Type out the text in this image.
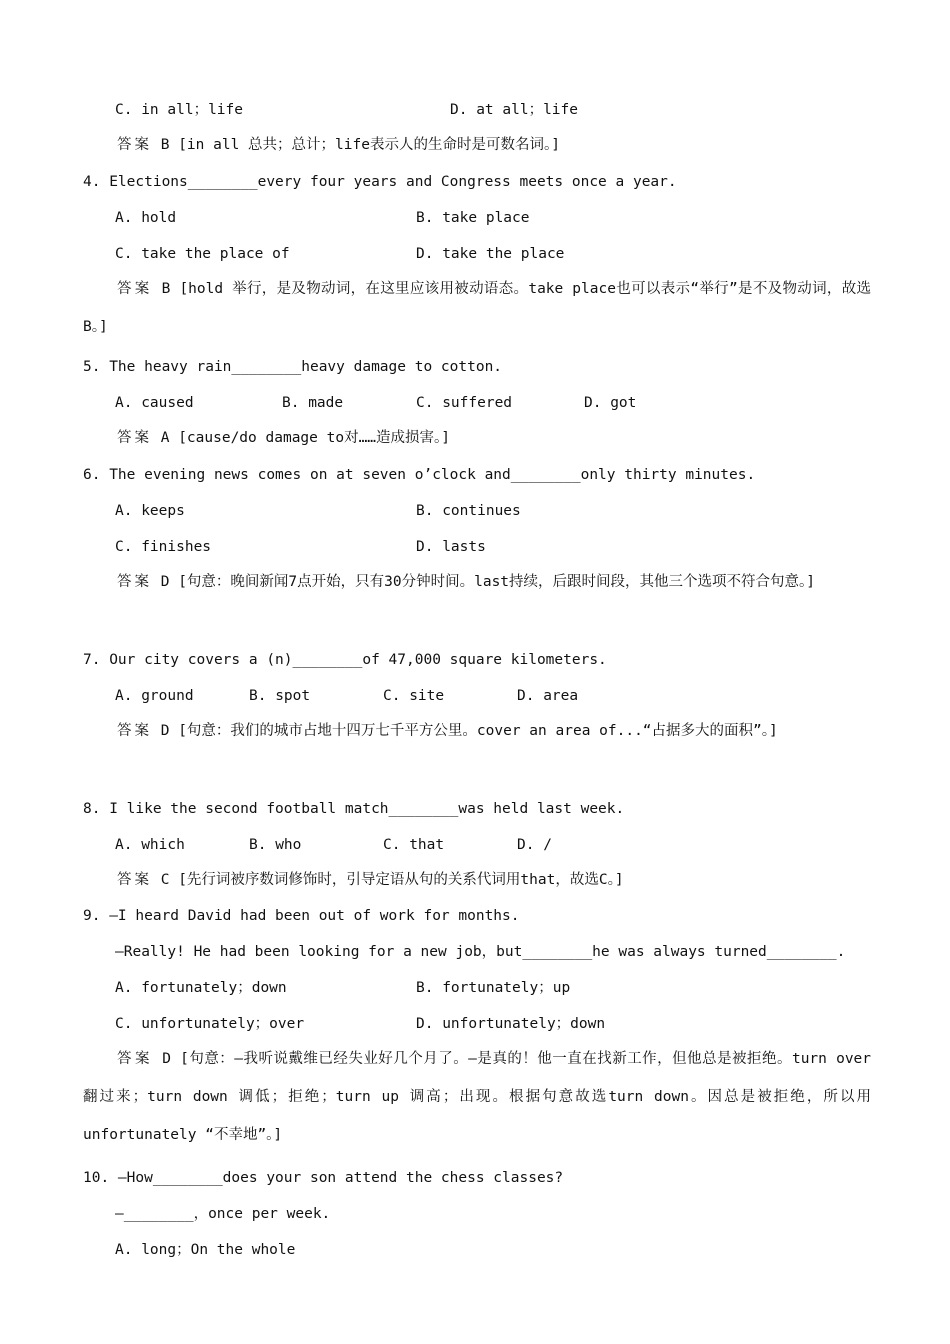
C. in all；life	D. at all；life
答案 B [in all 总共；总计；life表示人的生命时是可数名词。]
4. Elections________every four years and Congress meets once a year.
A. hold	B. take place
C. take the place of	D. take the place
答案 B [hold 举行，是及物动词，在这里应该用被动语态。take place也可以表示“举行”是不及物动词，故选B。]
5. The heavy rain________heavy damage to cotton.
A. caused	B. made	C. suffered	D. got
答案 A [cause/do damage to对……造成损害。]
6. The evening news comes on at seven o’clock and________only thirty minutes.
A. keeps	B. continues
C. finishes	D. lasts
答案 D [句意：晚间新闻7点开始，只有30分钟时间。last持续，后跟时间段，其他三个选项不符合句意。]
7. Our city covers a (n)________of 47,000 square kilometers.
A. ground	B. spot	C. site	D. area
答案 D [句意：我们的城市占地十四万七千平方公里。cover an area of...“占据多大的面积”。]
8. I like the second football match________was held last week.
A. which	B. who	C. that	D. /
答案 C [先行词被序数词修饰时，引导定语从句的关系代词用that，故选C。]
9. —I heard David had been out of work for months.
—Really! He had been looking for a new job，but________he was always turned________.
A. fortunately；down	B. fortunately；up
C. unfortunately；over	D. unfortunately；down
答案 D [句意：—我听说戴维已经失业好几个月了。—是真的！他一直在找新工作，但他总是被拒绝。turn over 翻过来；turn down 调低；拒绝；turn up 调高；出现。根据句意故选turn down。因总是被拒绝，所以用unfortunately “不幸地”。]
10. —How________does your son attend the chess classes?
—________，once per week.
A. long；On the whole
